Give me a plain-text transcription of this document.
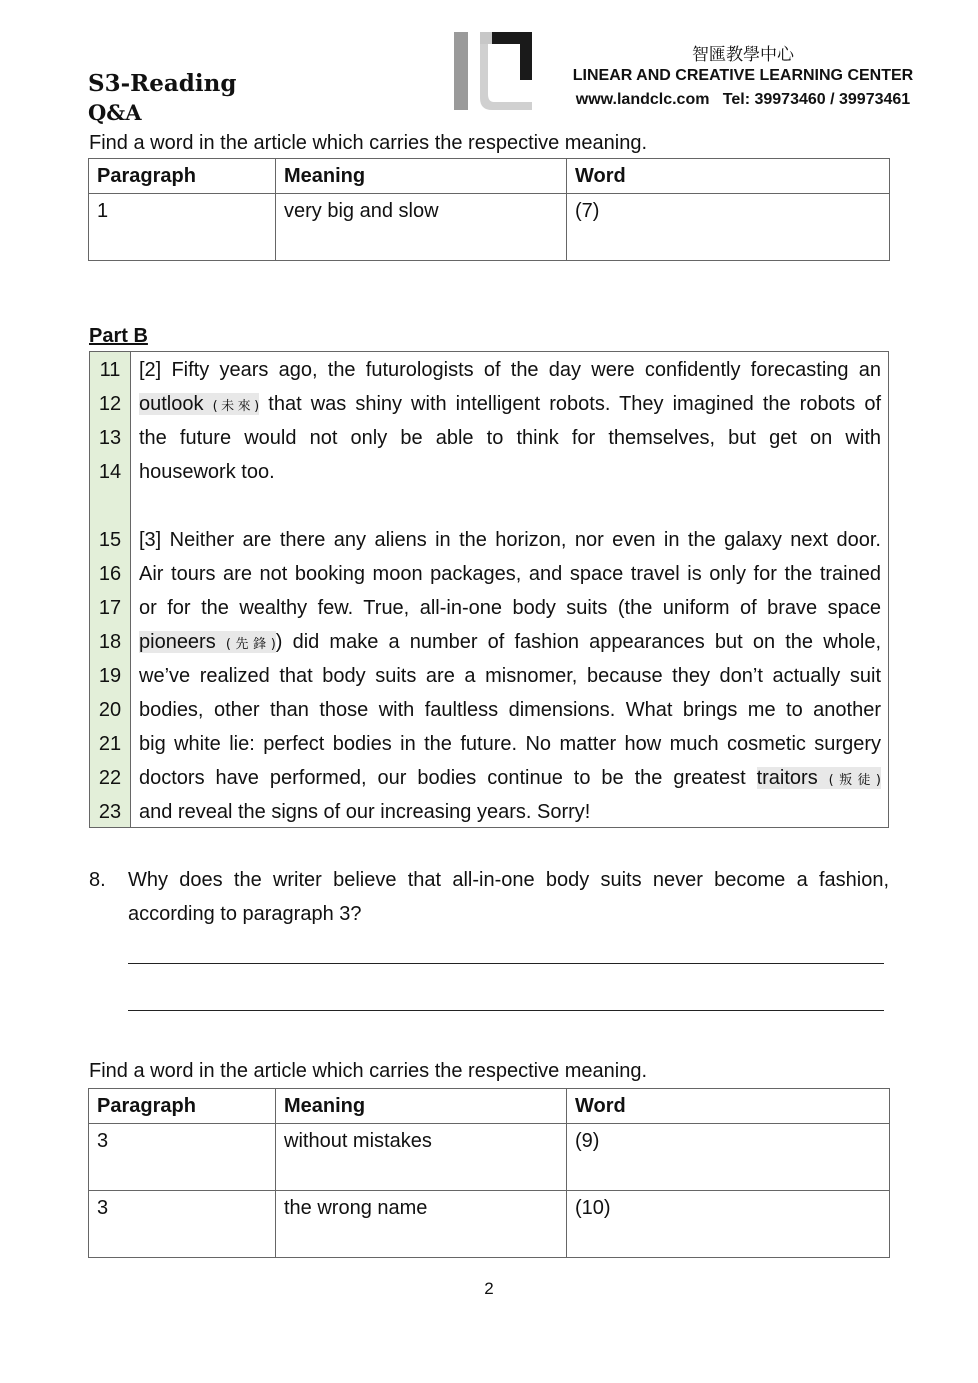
S3-Reading
Q&A
智匯教學中心
LINEAR AND CREATIVE LEARNING CENTER
www.landclc.com   Tel: 39973460 / 39973461
Find a word in the article which carries the respective meaning.
Paragraph	Meaning	Word
1	very big and slow	(7)
Part B
11
12
13
14
15
16
17
18
19
20
21
22
23
[2] Fifty years ago, the futurologists of the day were confidently forecasting an
outlook (未來) that was shiny with intelligent robots. They imagined the robots of
the future would not only be able to think for themselves, but get on with
housework too.
[3] Neither are there any aliens in the horizon, nor even in the galaxy next door.
Air tours are not booking moon packages, and space travel is only for the trained
or for the wealthy few. True, all-in-one body suits (the uniform of brave space
pioneers (先鋒)) did make a number of fashion appearances but on the whole,
we’ve realized that body suits are a misnomer, because they don’t actually suit
bodies, other than those with faultless dimensions. What brings me to another
big white lie: perfect bodies in the future. No matter how much cosmetic surgery
doctors have performed, our bodies continue to be the greatest traitors (叛徒)
and reveal the signs of our increasing years. Sorry!
8. Why does the writer believe that all-in-one body suits never become a fashion,
according to paragraph 3?
Find a word in the article which carries the respective meaning.
Paragraph	Meaning	Word
3	without mistakes	(9)
3	the wrong name	(10)
2
